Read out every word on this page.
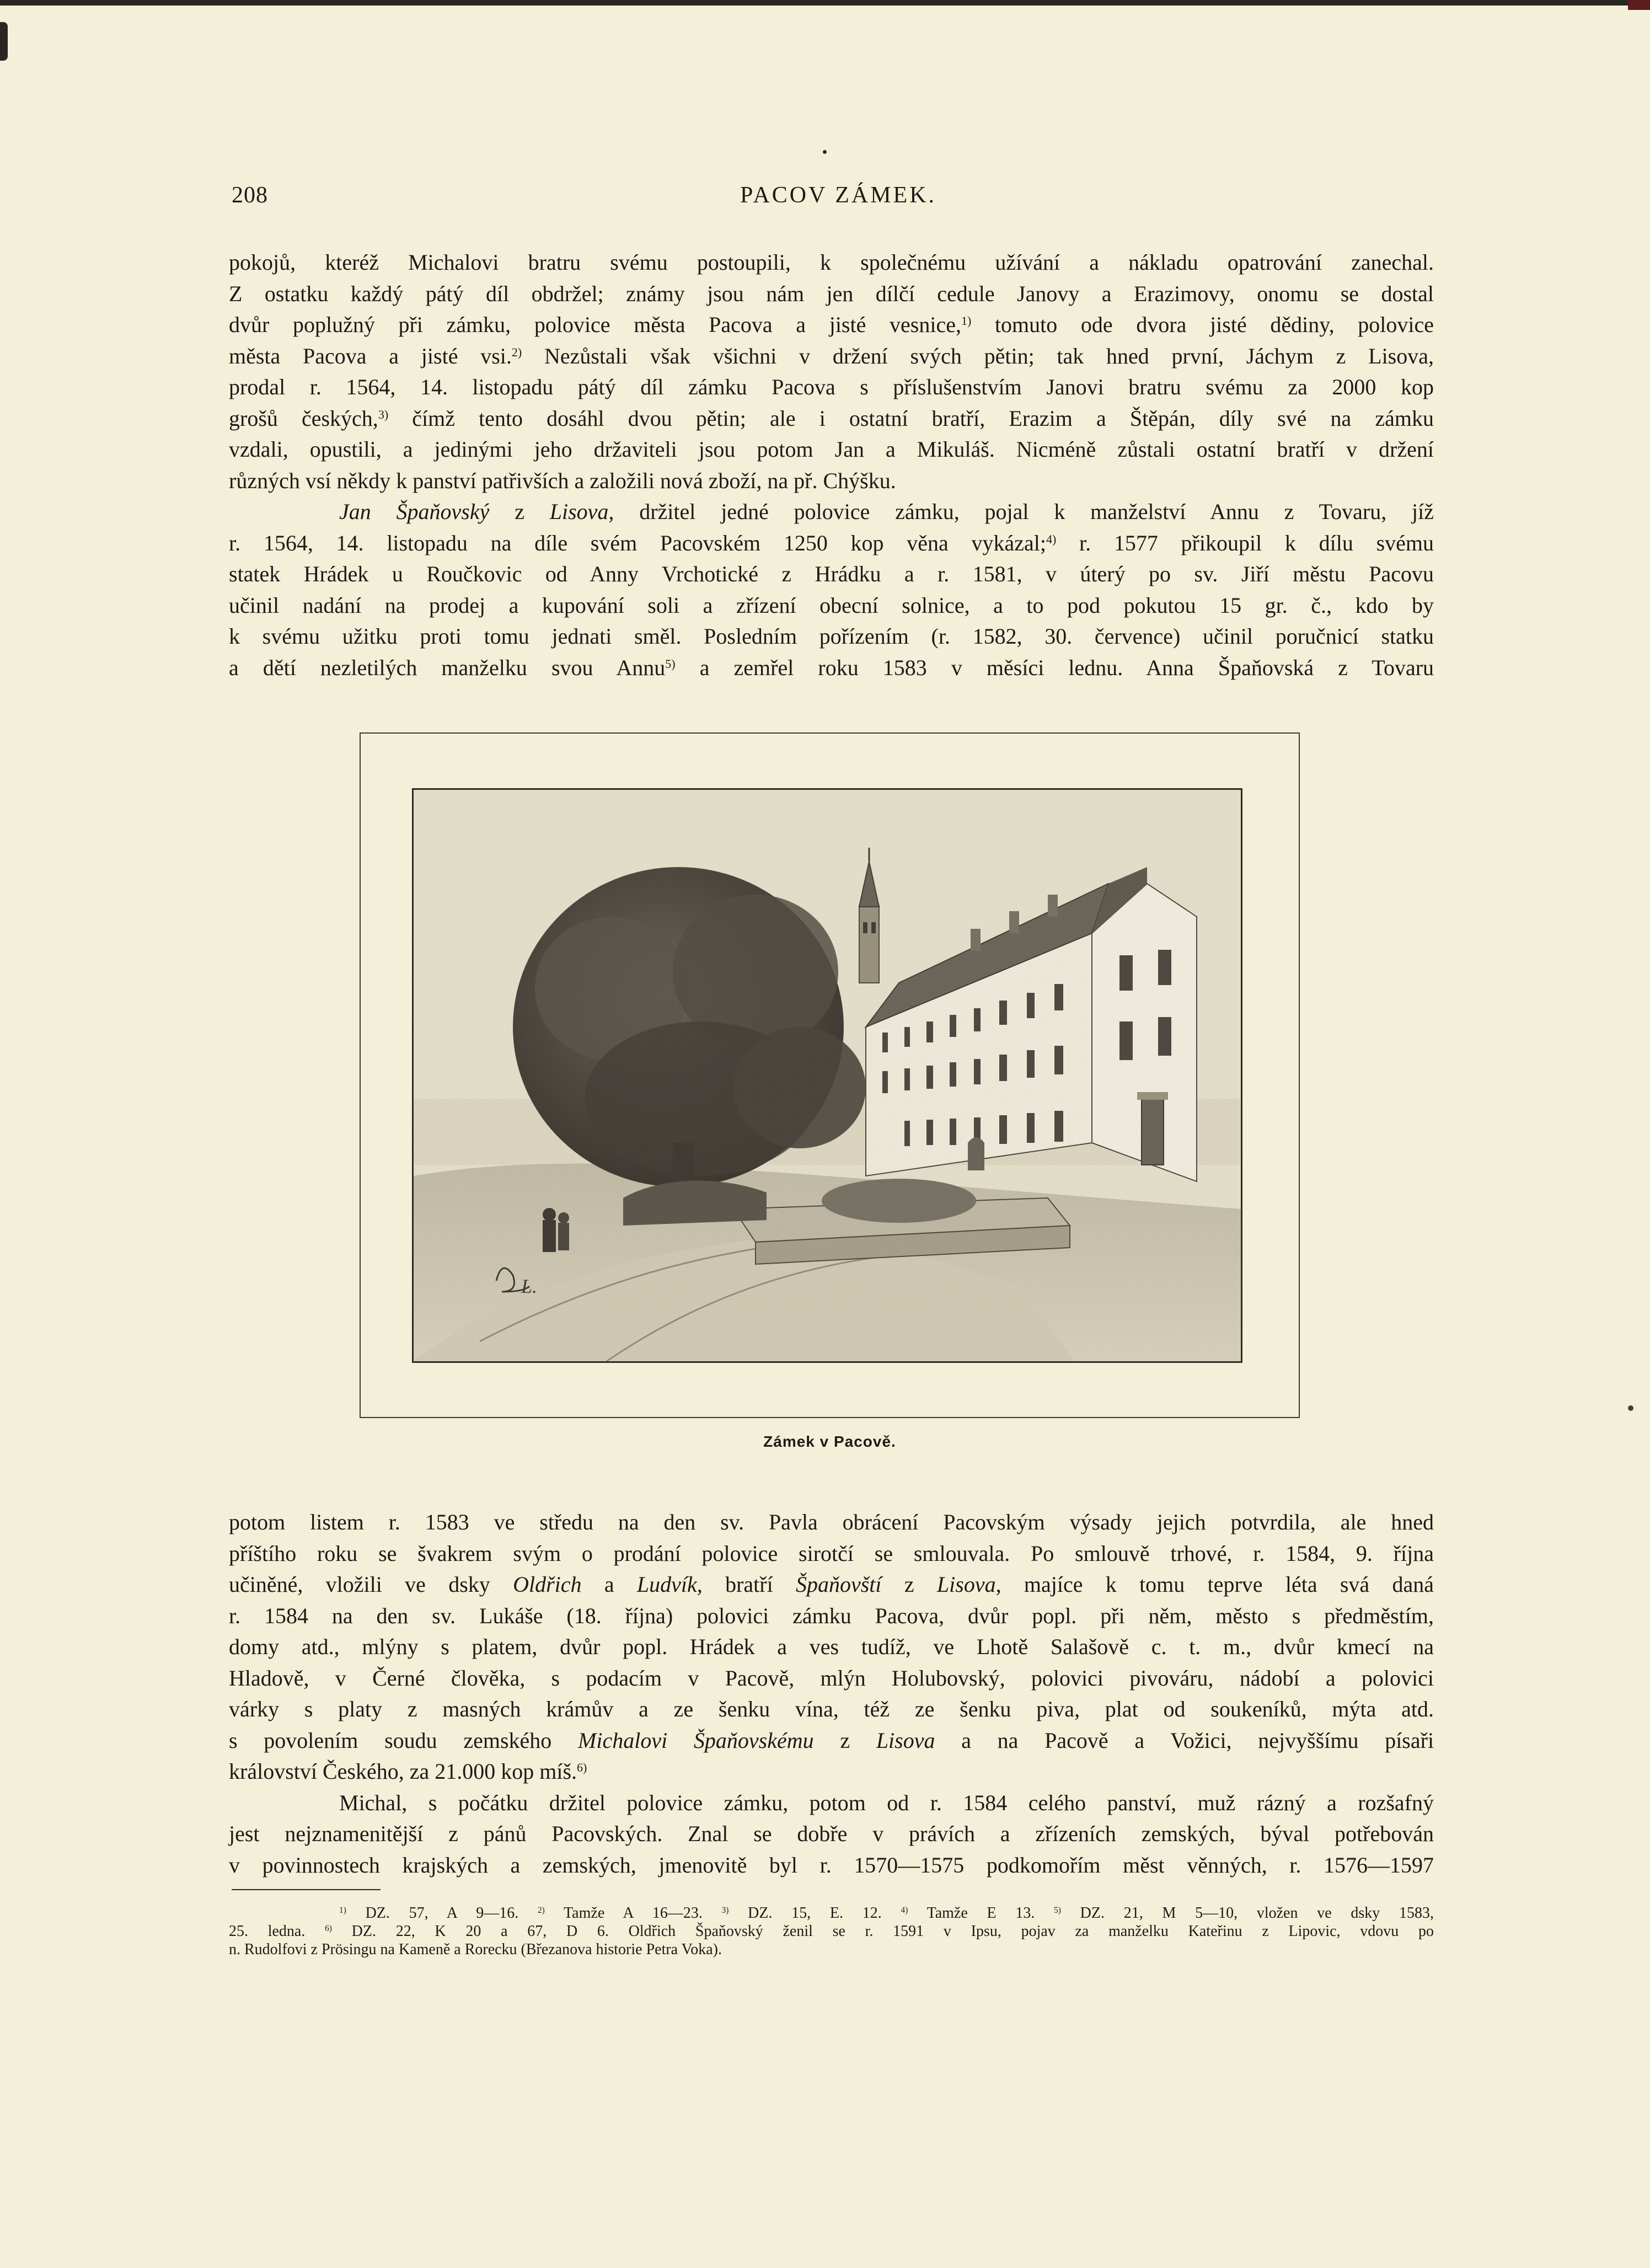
208	PACOV ZÁMEK.

pokojů, kteréž Michalovi bratru svému postoupili, k společnému užívání a nákladu opatrování zanechal.
Z ostatku každý pátý díl obdržel; známy jsou nám jen dílčí cedule Janovy a Erazimovy, onomu se dostal
dvůr poplužný při zámku, polovice města Pacova a jisté vesnice,$^{1)}$ tomuto ode dvora jisté dědiny, polovice
města Pacova a jisté vsi.$^{2)}$ Nezůstali však všichni v držení svých pětin; tak hned první, Jáchym z Lisova,
prodal r. 1564, 14. listopadu pátý díl zámku Pacova s příslušenstvím Janovi bratru svému za 2000 kop
grošů českých,$^{3)}$ čímž tento dosáhl dvou pětin; ale i ostatní bratří, Erazim a Štěpán, díly své na zámku
vzdali, opustili, a jedinými jeho državiteli jsou potom Jan a Mikuláš. Nicméně zůstali ostatní bratří v držení
různých vsí někdy k panství patřivších a založili nová zboží, na př. Chýšku.

Jan Špaňovský z Lisova, držitel jedné polovice zámku, pojal k manželství Annu z Tovaru, jíž
r. 1564, 14. listopadu na díle svém Pacovském 1250 kop věna vykázal;$^{4)}$ r. 1577 přikoupil k dílu svému
statek Hrádek u Roučkovic od Anny Vrchotické z Hrádku a r. 1581, v úterý po sv. Jiří městu Pacovu
učinil nadání na prodej a kupování soli a zřízení obecní solnice, a to pod pokutou 15 gr. č., kdo by
k svému užitku proti tomu jednati směl. Posledním pořízením (r. 1582, 30. července) učinil poručnicí statku
a dětí nezletilých manželku svou Annu$^{5)}$ a zemřel roku 1583 v měsíci lednu. Anna Špaňovská z Tovaru

L.
Zámek v Pacově.

potom listem r. 1583 ve středu na den sv. Pavla obrácení Pacovským výsady jejich potvrdila, ale hned
příštího roku se švakrem svým o prodání polovice sirotčí se smlouvala. Po smlouvě trhové, r. 1584, 9. října
učiněné, vložili ve dsky Oldřich a Ludvík, bratří Špaňovští z Lisova, majíce k tomu teprve léta svá daná
r. 1584 na den sv. Lukáše (18. října) polovici zámku Pacova, dvůr popl. při něm, město s předměstím,
domy atd., mlýny s platem, dvůr popl. Hrádek a ves tudíž, ve Lhotě Salašově c. t. m., dvůr kmecí na
Hladově, v Černé člověka, s podacím v Pacově, mlýn Holubovský, polovici pivováru, nádobí a polovici
várky s platy z masných krámův a ze šenku vína, též ze šenku piva, plat od soukeníků, mýta atd.
s povolením soudu zemského Michalovi Špaňovskému z Lisova a na Pacově a Vožici, nejvyššímu písaři
království Českého, za 21.000 kop míš.$^{6)}$

Michal, s počátku držitel polovice zámku, potom od r. 1584 celého panství, muž rázný a rozšafný
jest nejznamenitější z pánů Pacovských. Znal se dobře v právích a zřízeních zemských, býval potřebován
v povinnostech krajských a zemských, jmenovitě byl r. 1570—1575 podkomořím měst věnných, r. 1576—1597

$^{1)}$ DZ. 57, A 9—16. $^{2)}$ Tamže A 16—23. $^{3)}$ DZ. 15, E. 12. $^{4)}$ Tamže E 13. $^{5)}$ DZ. 21, M 5—10, vložen ve dsky 1583,
25. ledna. $^{6)}$ DZ. 22, K 20 a 67, D 6. Oldřich Špaňovský ženil se r. 1591 v Ipsu, pojav za manželku Kateřinu z Lipovic, vdovu po
n. Rudolfovi z Prösingu na Kameně a Rorecku (Březanova historie Petra Voka).
